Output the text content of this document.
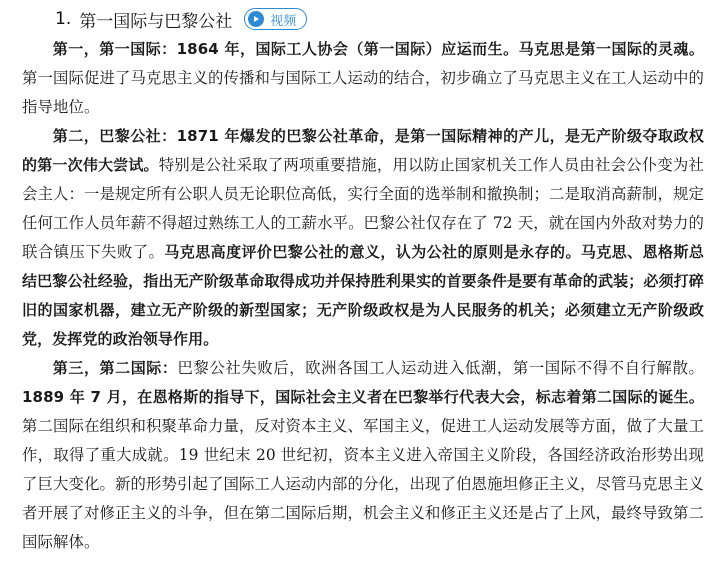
1. 第一国际与巴黎公社	视频

第一，第一国际：1864 年，国际工人协会（第一国际）应运而生。马克思是第一国际的灵魂。第一国际促进了马克思主义的传播和与国际工人运动的结合，初步确立了马克思主义在工人运动中的指导地位。

第二，巴黎公社：1871 年爆发的巴黎公社革命，是第一国际精神的产儿，是无产阶级夺取政权的第一次伟大尝试。特别是公社采取了两项重要措施，用以防止国家机关工作人员由社会公仆变为社会主人：一是规定所有公职人员无论职位高低，实行全面的选举制和撤换制；二是取消高薪制，规定任何工作人员年薪不得超过熟练工人的工薪水平。巴黎公社仅存在了 72 天，就在国内外敌对势力的联合镇压下失败了。马克思高度评价巴黎公社的意义，认为公社的原则是永存的。马克思、恩格斯总结巴黎公社经验，指出无产阶级革命取得成功并保持胜利果实的首要条件是要有革命的武装；必须打碎旧的国家机器，建立无产阶级的新型国家；无产阶级政权是为人民服务的机关；必须建立无产阶级政党，发挥党的政治领导作用。

第三，第二国际：巴黎公社失败后，欧洲各国工人运动进入低潮，第一国际不得不自行解散。1889 年 7 月，在恩格斯的指导下，国际社会主义者在巴黎举行代表大会，标志着第二国际的诞生。第二国际在组织和积聚革命力量，反对资本主义、军国主义，促进工人运动发展等方面，做了大量工作，取得了重大成就。19 世纪末 20 世纪初，资本主义进入帝国主义阶段，各国经济政治形势出现了巨大变化。新的形势引起了国际工人运动内部的分化，出现了伯恩施坦修正主义，尽管马克思主义者开展了对修正主义的斗争，但在第二国际后期，机会主义和修正主义还是占了上风，最终导致第二国际解体。
